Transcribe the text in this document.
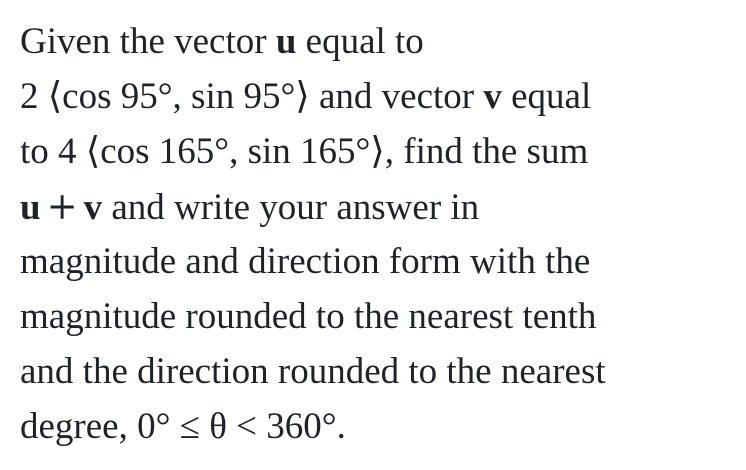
Given the vector u equal to
2 ⟨cos 95°, sin 95°⟩ and vector v equal
to 4 ⟨cos 165°, sin 165°⟩, find the sum
u + v and write your answer in
magnitude and direction form with the
magnitude rounded to the nearest tenth
and the direction rounded to the nearest
degree, 0° ≤ θ < 360°.
